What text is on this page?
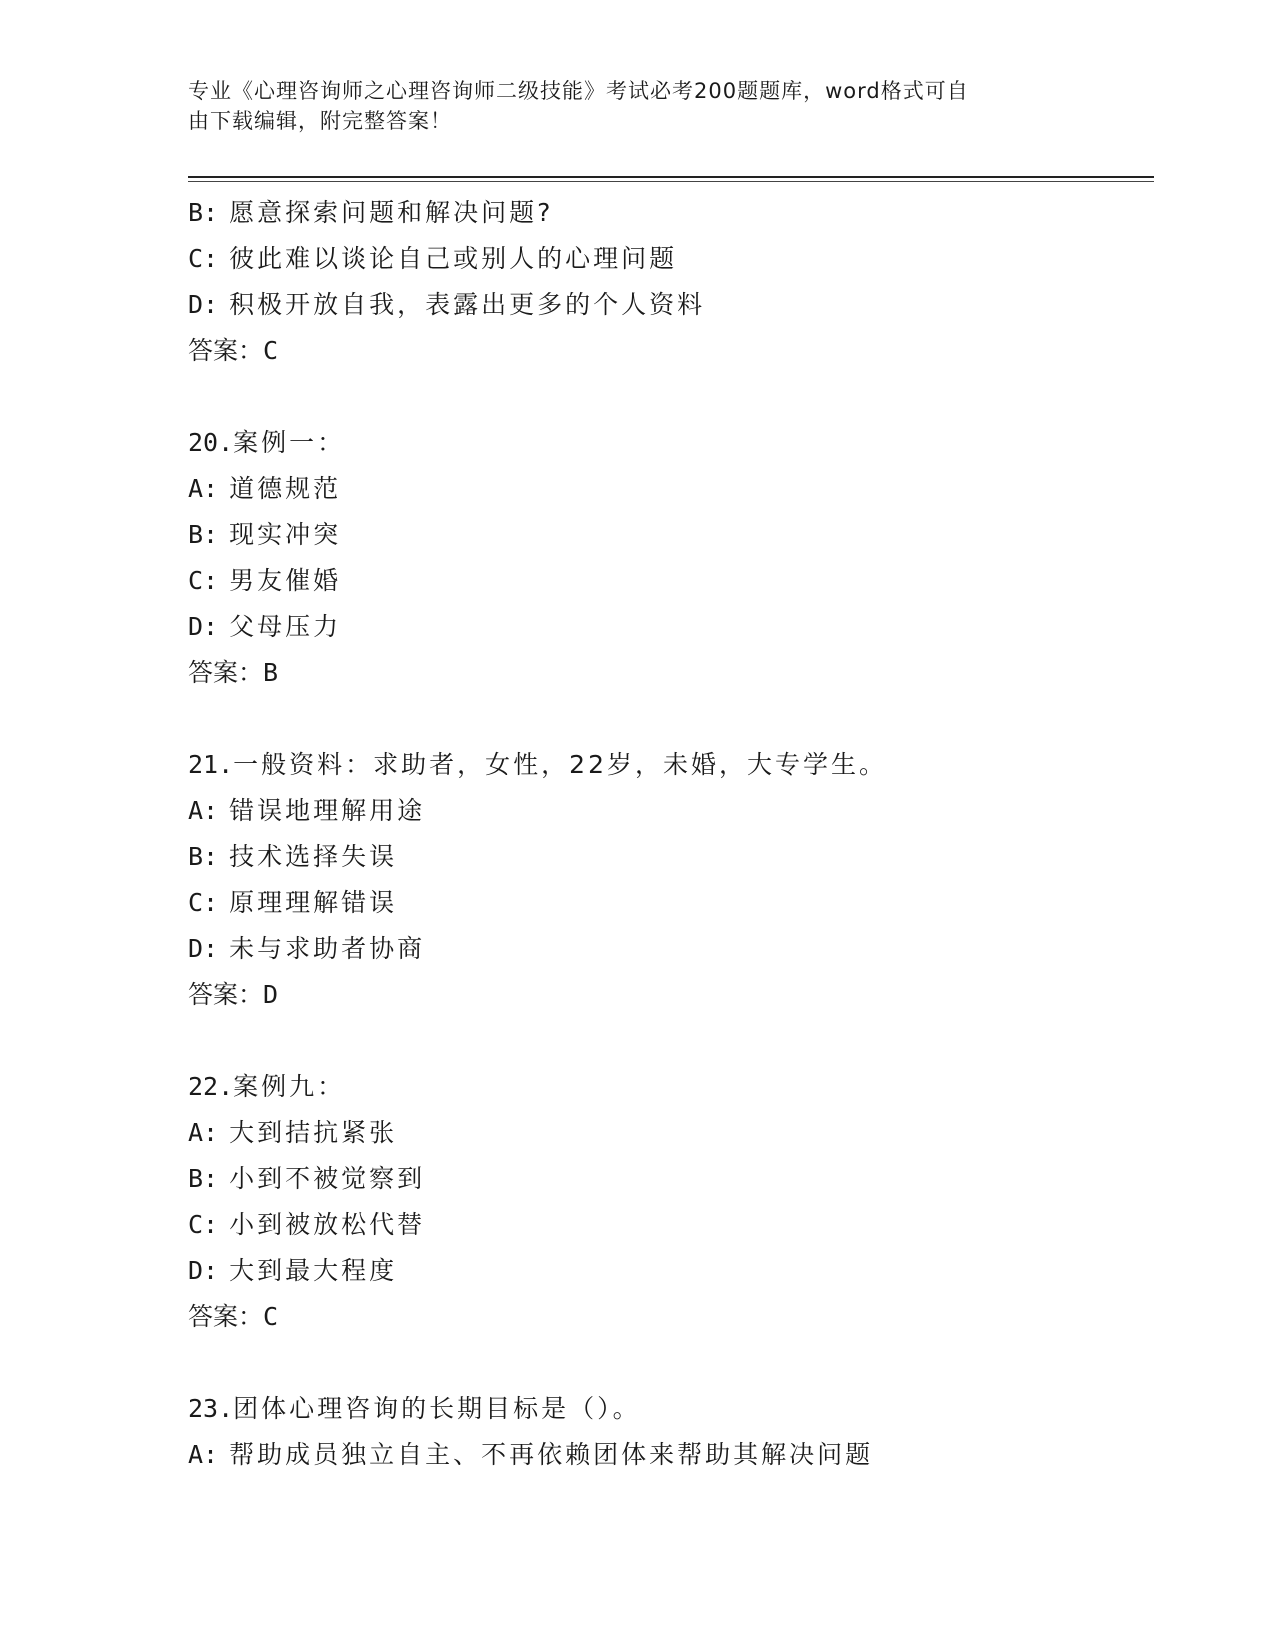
专业《心理咨询师之心理咨询师二级技能》考试必考200题题库，word格式可自
由下载编辑，附完整答案！
B: 愿意探索问题和解决问题?
C: 彼此难以谈论自己或别人的心理问题
D: 积极开放自我，表露出更多的个人资料
答案：C
20.案例一：
A: 道德规范
B: 现实冲突
C: 男友催婚
D: 父母压力
答案：B
21.一般资料：求助者，女性，22岁，未婚，大专学生。
A: 错误地理解用途
B: 技术选择失误
C: 原理理解错误
D: 未与求助者协商
答案：D
22.案例九：
A: 大到拮抗紧张
B: 小到不被觉察到
C: 小到被放松代替
D: 大到最大程度
答案：C
23.团体心理咨询的长期目标是（）。
A: 帮助成员独立自主、不再依赖团体来帮助其解决问题
